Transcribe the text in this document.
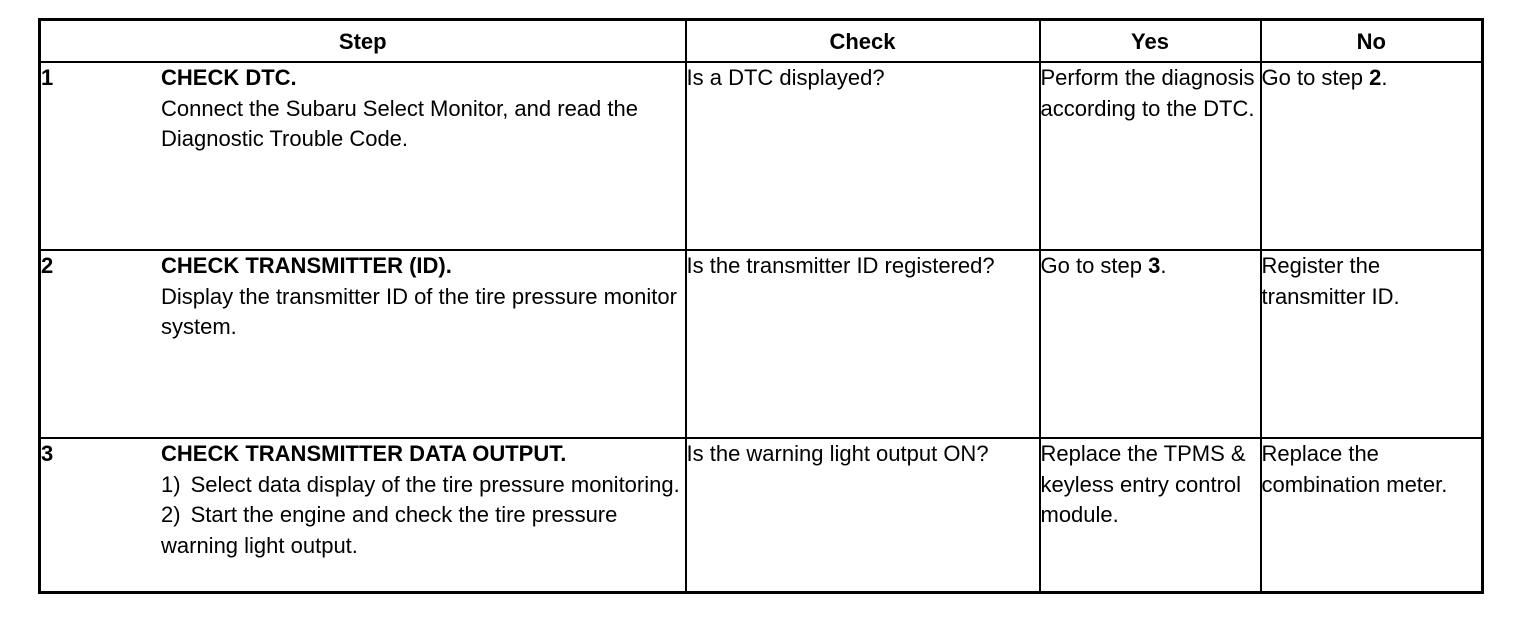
Step	Check	Yes	No

1 CHECK DTC.
Connect the Subaru Select Monitor, and read the Diagnostic Trouble Code.	Is a DTC displayed?	Perform the diagnosis according to the DTC.	Go to step 2.

2 CHECK TRANSMITTER (ID).
Display the transmitter ID of the tire pressure monitor system.	Is the transmitter ID registered?	Go to step 3.	Register the transmitter ID.

3 CHECK TRANSMITTER DATA OUTPUT.
1) Select data display of the tire pressure monitoring.
2) Start the engine and check the tire pressure warning light output.	Is the warning light output ON?	Replace the TPMS & keyless entry control module.	Replace the combination meter.
